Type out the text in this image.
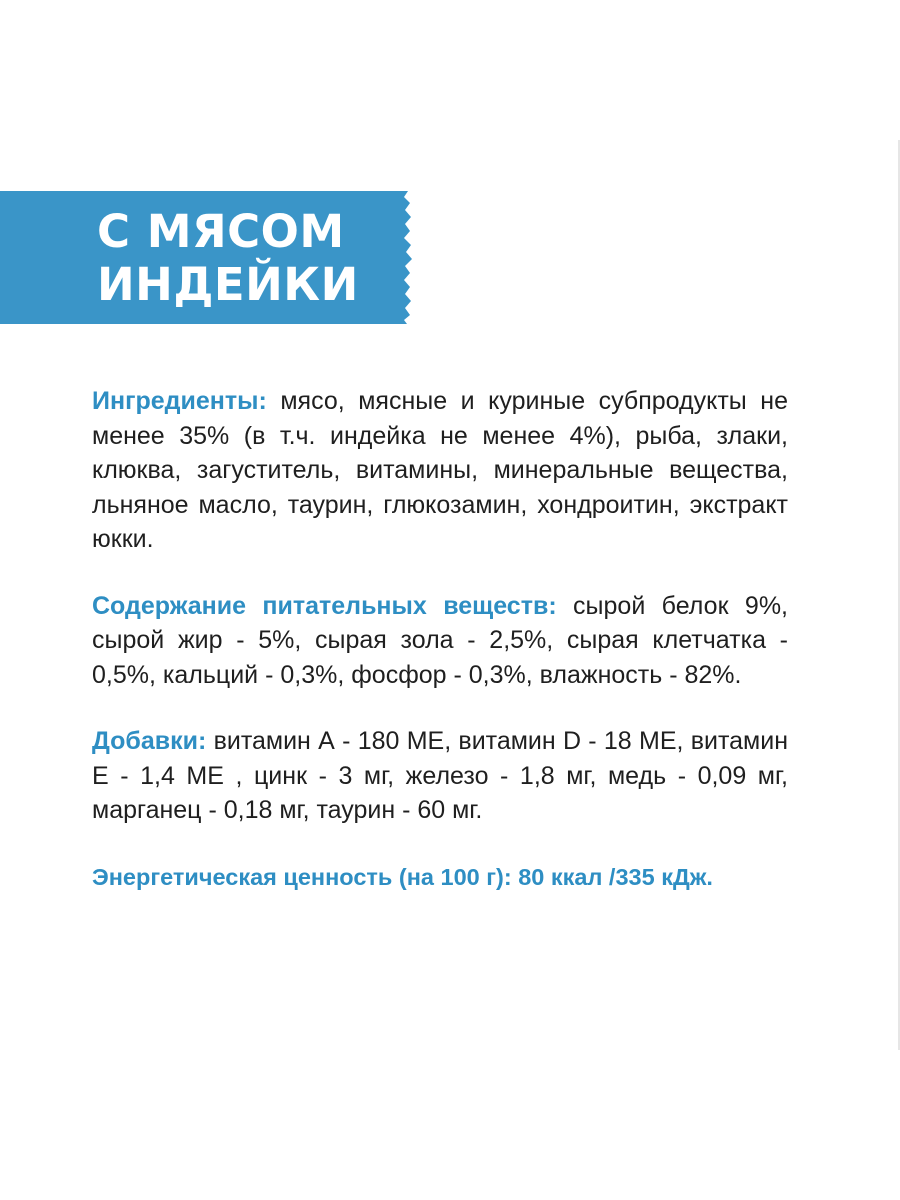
С МЯСОМ
ИНДЕЙКИ

Ингредиенты: мясо, мясные и куриные субпродукты не менее 35% (в т.ч. индейка не менее 4%), рыба, злаки, клюква, загуститель, витамины, минеральные вещества, льняное масло, таурин, глюкозамин, хондроитин, экстракт юкки.

Содержание питательных веществ: сырой белок 9%, сырой жир - 5%, сырая зола - 2,5%, сырая клетчатка - 0,5%, кальций - 0,3%, фосфор - 0,3%, влажность - 82%.

Добавки: витамин А - 180 МЕ, витамин D - 18 МЕ, витамин Е - 1,4 МЕ , цинк - 3 мг, железо - 1,8 мг, медь - 0,09 мг, марганец - 0,18 мг, таурин - 60 мг.

Энергетическая ценность (на 100 г): 80 ккал /335 кДж.
